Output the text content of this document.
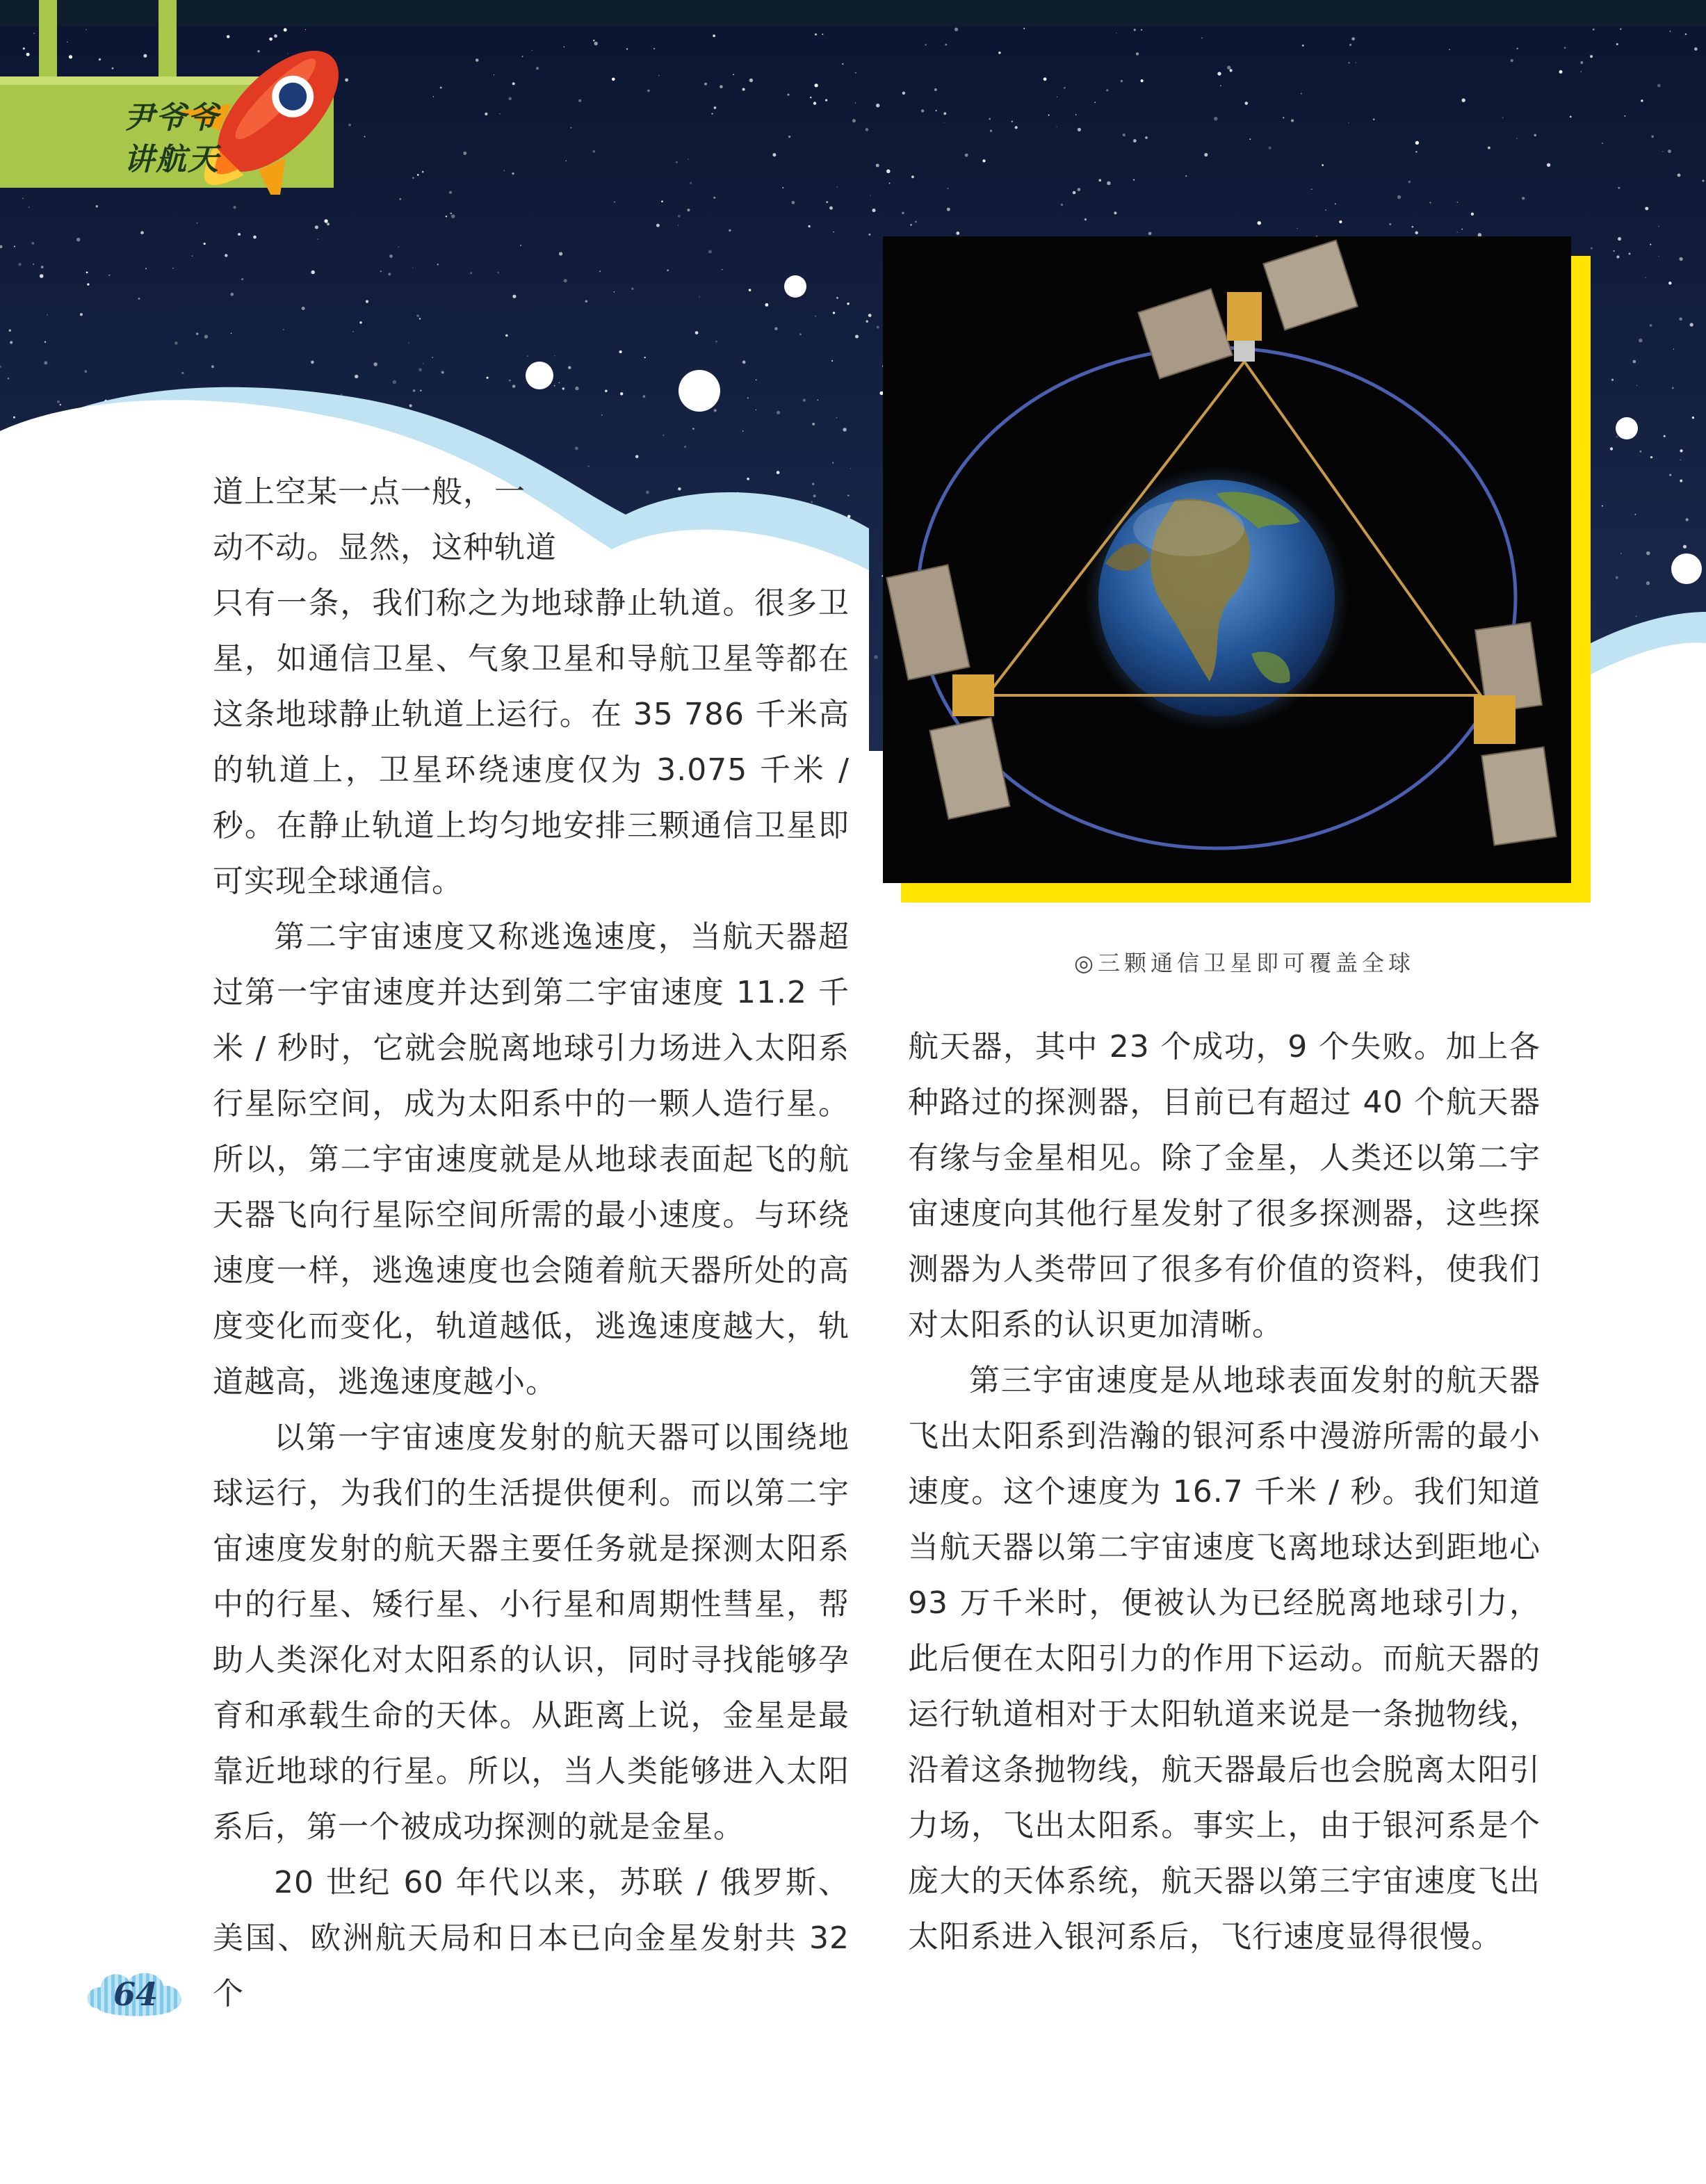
尹爷爷
讲航天

道上空某一点一般，一

动不动。显然，这种轨道

只有一条，我们称之为地球静止轨道。很多卫星，如通信卫星、气象卫星和导航卫星等都在这条地球静止轨道上运行。在 35 786 千米高的轨道上，卫星环绕速度仅为 3.075 千米 / 秒。在静止轨道上均匀地安排三颗通信卫星即可实现全球通信。

第二宇宙速度又称逃逸速度，当航天器超过第一宇宙速度并达到第二宇宙速度 11.2 千米 / 秒时，它就会脱离地球引力场进入太阳系行星际空间，成为太阳系中的一颗人造行星。所以，第二宇宙速度就是从地球表面起飞的航天器飞向行星际空间所需的最小速度。与环绕速度一样，逃逸速度也会随着航天器所处的高度变化而变化，轨道越低，逃逸速度越大，轨道越高，逃逸速度越小。

以第一宇宙速度发射的航天器可以围绕地球运行，为我们的生活提供便利。而以第二宇宙速度发射的航天器主要任务就是探测太阳系中的行星、矮行星、小行星和周期性彗星，帮助人类深化对太阳系的认识，同时寻找能够孕育和承载生命的天体。从距离上说，金星是最靠近地球的行星。所以，当人类能够进入太阳系后，第一个被成功探测的就是金星。

20 世纪 60 年代以来，苏联 / 俄罗斯、美国、欧洲航天局和日本已向金星发射共 32 个

◎三颗通信卫星即可覆盖全球

航天器，其中 23 个成功，9 个失败。加上各种路过的探测器，目前已有超过 40 个航天器有缘与金星相见。除了金星，人类还以第二宇宙速度向其他行星发射了很多探测器，这些探测器为人类带回了很多有价值的资料，使我们对太阳系的认识更加清晰。

第三宇宙速度是从地球表面发射的航天器飞出太阳系到浩瀚的银河系中漫游所需的最小速度。这个速度为 16.7 千米 / 秒。我们知道当航天器以第二宇宙速度飞离地球达到距地心 93 万千米时，便被认为已经脱离地球引力，此后便在太阳引力的作用下运动。而航天器的运行轨道相对于太阳轨道来说是一条抛物线，沿着这条抛物线，航天器最后也会脱离太阳引力场，飞出太阳系。事实上，由于银河系是个庞大的天体系统，航天器以第三宇宙速度飞出太阳系进入银河系后，飞行速度显得很慢。

64
